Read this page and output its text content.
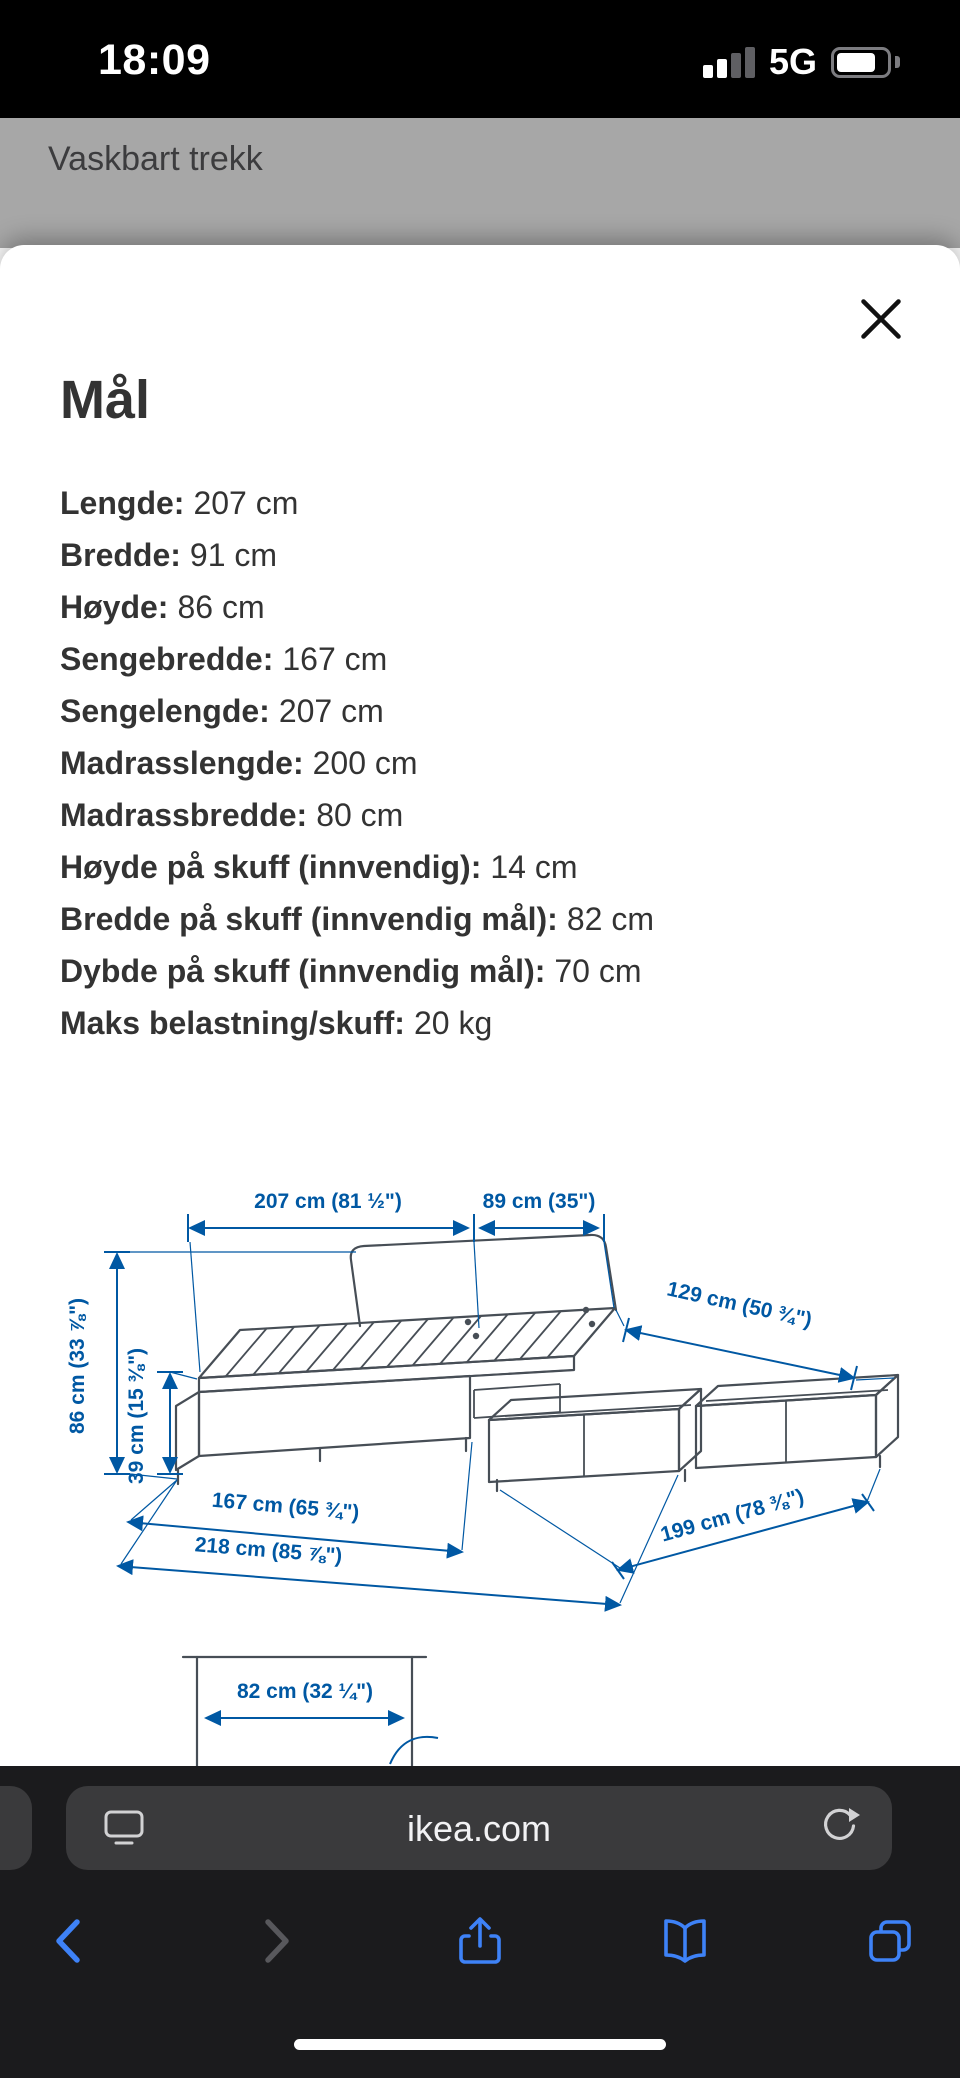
18:09	5G
Vaskbart trekk
Mål
Lengde: 207 cm
Bredde: 91 cm
Høyde: 86 cm
Sengebredde: 167 cm
Sengelengde: 207 cm
Madrasslengde: 200 cm
Madrassbredde: 80 cm
Høyde på skuff (innvendig): 14 cm
Bredde på skuff (innvendig mål): 82 cm
Dybde på skuff (innvendig mål): 70 cm
Maks belastning/skuff: 20 kg
207 cm (81 ½")	89 cm (35")
86 cm (33 ⅞") 39 cm (15 ⅜")
129 cm (50 ¾")
167 cm (65 ¾")
218 cm (85 ⅞")
199 cm (78 ⅜")
82 cm (32 ¼")
ikea.com
